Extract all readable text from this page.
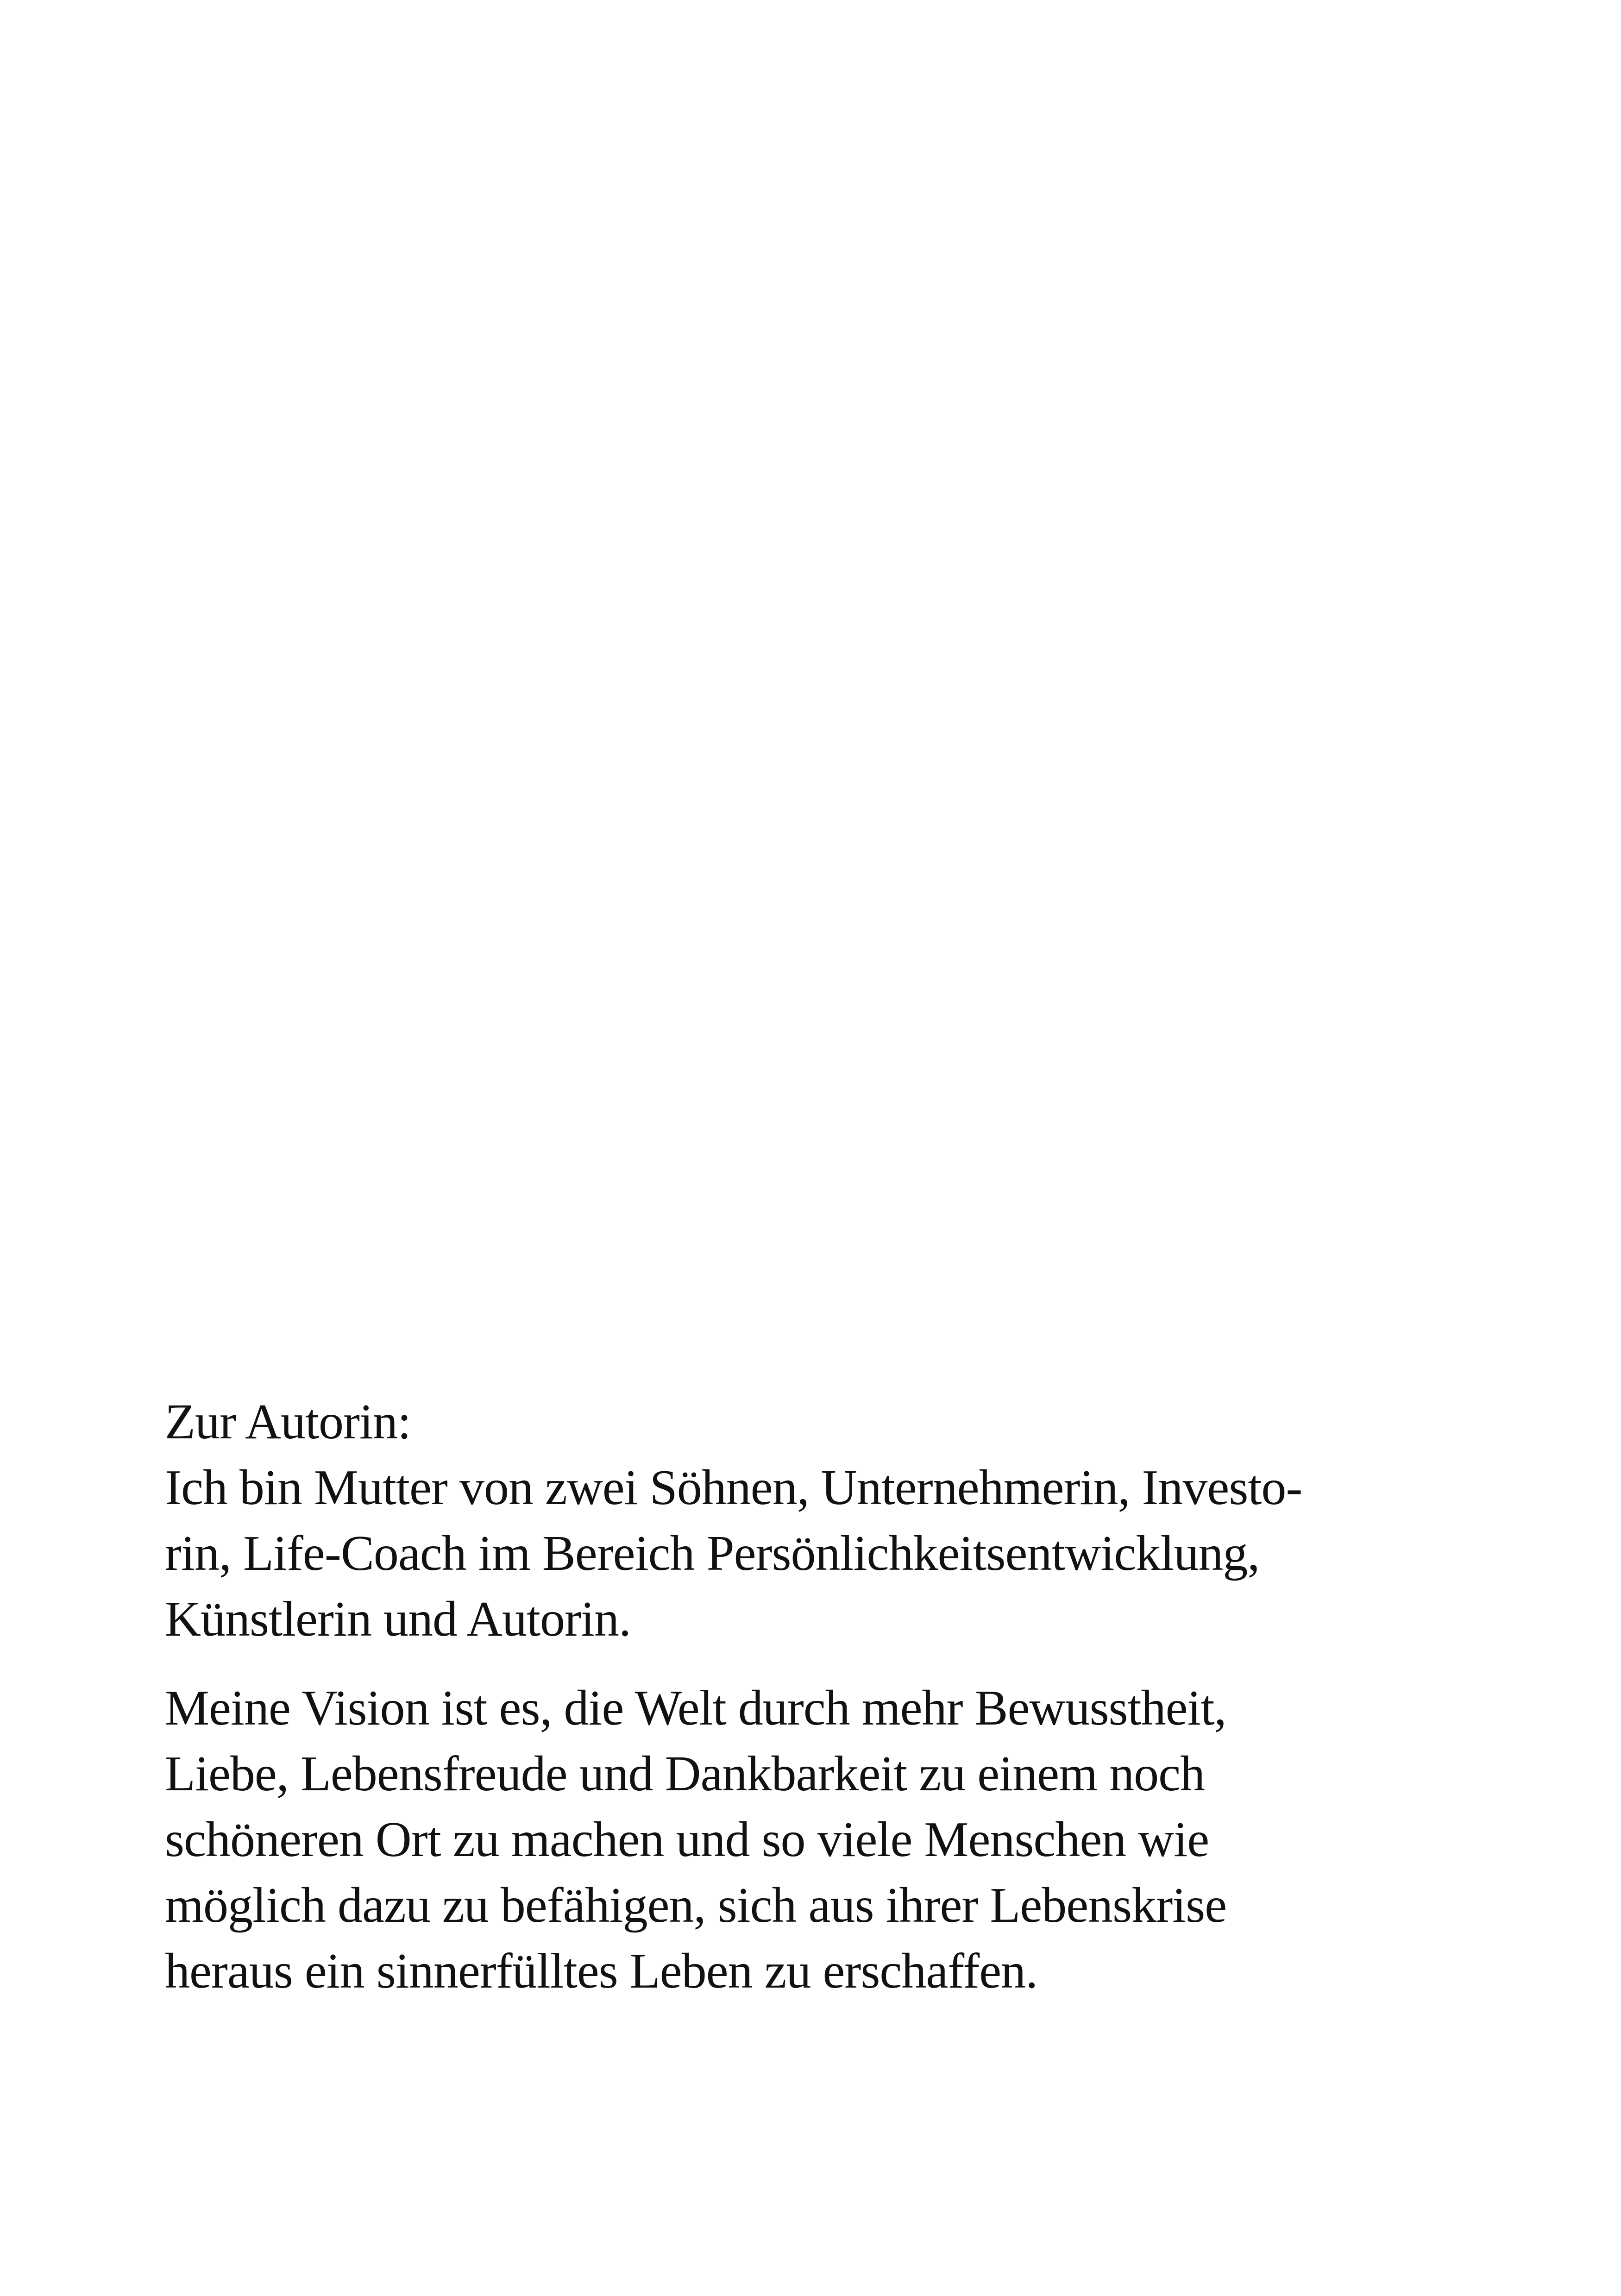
Zur Autorin:

Ich bin Mutter von zwei Söhnen, Unternehmerin, Investo-
rin, Life-Coach im Bereich Persönlichkeitsentwicklung,
Künstlerin und Autorin.

Meine Vision ist es, die Welt durch mehr Bewusstheit,
Liebe, Lebensfreude und Dankbarkeit zu einem noch
schöneren Ort zu machen und so viele Menschen wie
möglich dazu zu befähigen, sich aus ihrer Lebenskrise
heraus ein sinnerfülltes Leben zu erschaffen.
